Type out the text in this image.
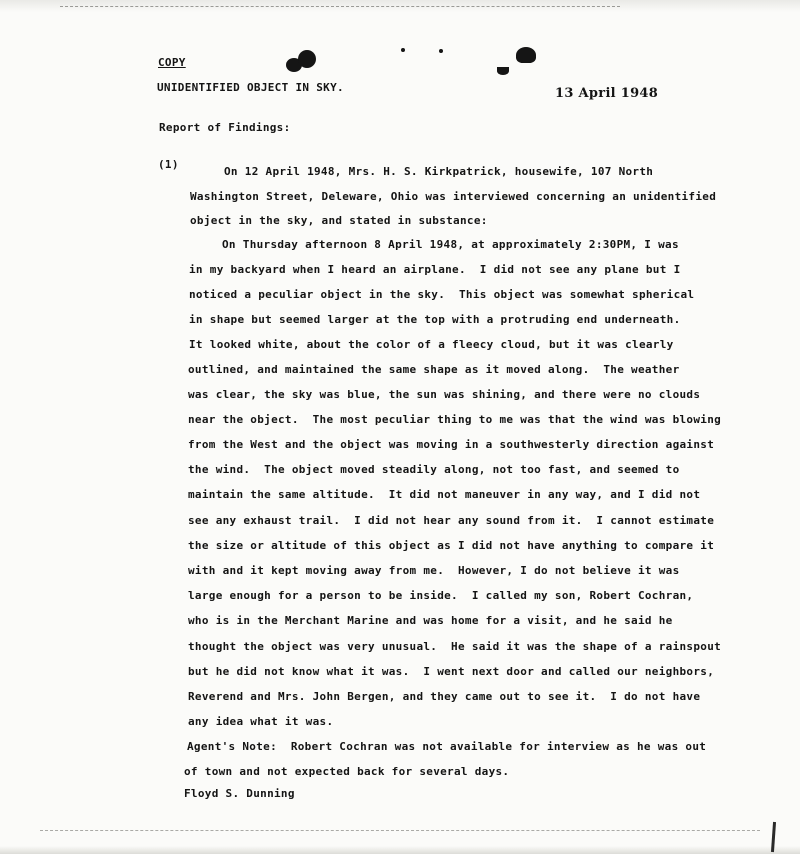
COPY
UNIDENTIFIED OBJECT IN SKY.	13 April 1948
Report of Findings:
(1)
On 12 April 1948, Mrs. H. S. Kirkpatrick, housewife, 107 North
Washington Street, Deleware, Ohio was interviewed concerning an unidentified
object in the sky, and stated in substance:
On Thursday afternoon 8 April 1948, at approximately 2:30PM, I was
in my backyard when I heard an airplane.  I did not see any plane but I
noticed a peculiar object in the sky.  This object was somewhat spherical
in shape but seemed larger at the top with a protruding end underneath.
It looked white, about the color of a fleecy cloud, but it was clearly
outlined, and maintained the same shape as it moved along.  The weather
was clear, the sky was blue, the sun was shining, and there were no clouds
near the object.  The most peculiar thing to me was that the wind was blowing
from the West and the object was moving in a southwesterly direction against
the wind.  The object moved steadily along, not too fast, and seemed to
maintain the same altitude.  It did not maneuver in any way, and I did not
see any exhaust trail.  I did not hear any sound from it.  I cannot estimate
the size or altitude of this object as I did not have anything to compare it
with and it kept moving away from me.  However, I do not believe it was
large enough for a person to be inside.  I called my son, Robert Cochran,
who is in the Merchant Marine and was home for a visit, and he said he
thought the object was very unusual.  He said it was the shape of a rainspout
but he did not know what it was.  I went next door and called our neighbors,
Reverend and Mrs. John Bergen, and they came out to see it.  I do not have
any idea what it was.
Agent's Note:  Robert Cochran was not available for interview as he was out
of town and not expected back for several days.
Floyd S. Dunning
